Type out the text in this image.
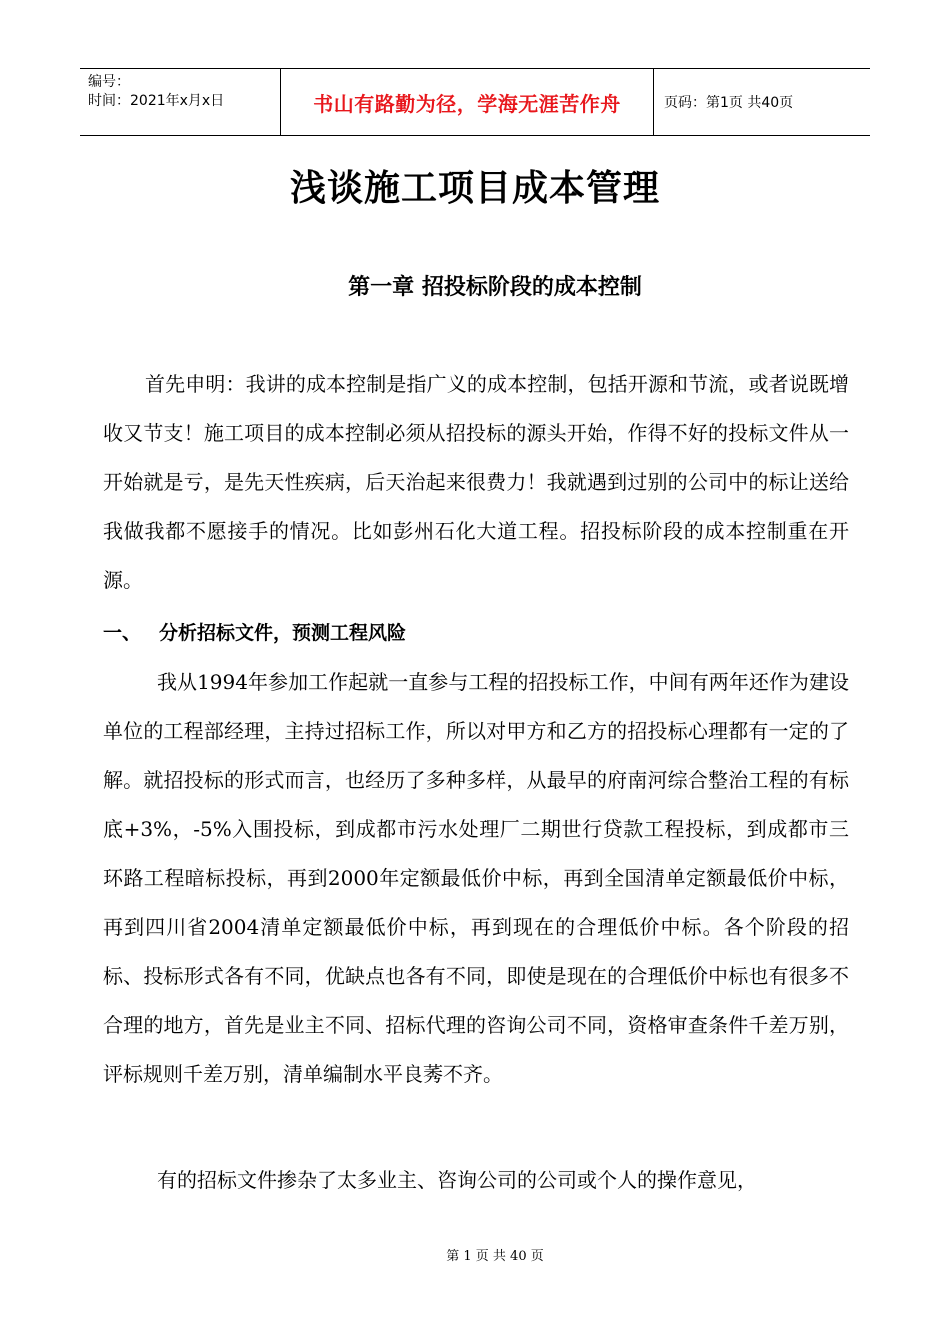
编号：
时间：2021年x月x日	书山有路勤为径，学海无涯苦作舟	页码：第1页 共40页
浅谈施工项目成本管理
第一章 招投标阶段的成本控制

首先申明：我讲的成本控制是指广义的成本控制，包括开源和节流，或者说既增收又节支！施工项目的成本控制必须从招投标的源头开始，作得不好的投标文件从一开始就是亏，是先天性疾病，后天治起来很费力！我就遇到过别的公司中的标让送给我做我都不愿接手的情况。比如彭州石化大道工程。招投标阶段的成本控制重在开源。

一、 分析招标文件，预测工程风险

我从1994年参加工作起就一直参与工程的招投标工作，中间有两年还作为建设单位的工程部经理，主持过招标工作，所以对甲方和乙方的招投标心理都有一定的了解。就招投标的形式而言，也经历了多种多样，从最早的府南河综合整治工程的有标底+3%，-5%入围投标，到成都市污水处理厂二期世行贷款工程投标，到成都市三环路工程暗标投标，再到2000年定额最低价中标，再到全国清单定额最低价中标，再到四川省2004清单定额最低价中标，再到现在的合理低价中标。各个阶段的招标、投标形式各有不同，优缺点也各有不同，即使是现在的合理低价中标也有很多不合理的地方，首先是业主不同、招标代理的咨询公司不同，资格审查条件千差万别，评标规则千差万别，清单编制水平良莠不齐。

有的招标文件掺杂了太多业主、咨询公司的公司或个人的操作意见，

第 1 页 共 40 页
